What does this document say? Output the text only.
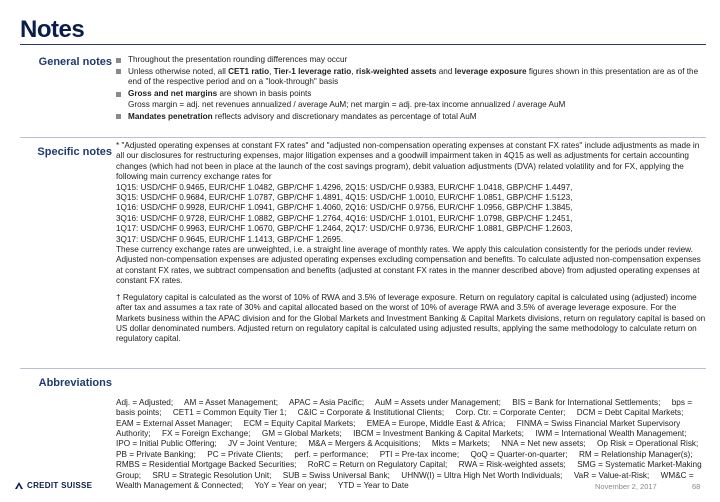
Notes
General notes	Throughout the presentation rounding differences may occur
Unless otherwise noted, all CET1 ratio, Tier-1 leverage ratio, risk-weighted assets and leverage exposure figures shown in this presentation are as of the end of the respective period and on a "look-through" basis
Gross and net margins are shown in basis points
Gross margin = adj. net revenues annualized / average AuM; net margin = adj. pre-tax income annualized / average AuM
Mandates penetration reflects advisory and discretionary mandates as percentage of total AuM
Specific notes
* "Adjusted operating expenses at constant FX rates" and "adjusted non-compensation operating expenses at constant FX rates" include adjustments as made in all our disclosures for restructuring expenses, major litigation expenses and a goodwill impairment taken in 4Q15 as well as adjustments for certain accounting changes (which had not been in place at the launch of the cost savings program), debit valuation adjustments (DVA) related volatility and for FX, applying the following main currency exchange rates for
1Q15: USD/CHF 0.9465, EUR/CHF 1.0482, GBP/CHF 1.4296, 2Q15: USD/CHF 0.9383, EUR/CHF 1.0418, GBP/CHF 1.4497,
3Q15: USD/CHF 0.9684, EUR/CHF 1.0787, GBP/CHF 1.4891, 4Q15: USD/CHF 1.0010, EUR/CHF 1.0851, GBP/CHF 1.5123,
1Q16: USD/CHF 0.9928, EUR/CHF 1.0941, GBP/CHF 1.4060, 2Q16: USD/CHF 0.9756, EUR/CHF 1.0956, GBP/CHF 1.3845,
3Q16: USD/CHF 0.9728, EUR/CHF 1.0882, GBP/CHF 1.2764, 4Q16: USD/CHF 1.0101, EUR/CHF 1.0798, GBP/CHF 1.2451,
1Q17: USD/CHF 0.9963, EUR/CHF 1.0670, GBP/CHF 1.2464, 2Q17: USD/CHF 0.9736, EUR/CHF 1.0881, GBP/CHF 1.2603,
3Q17: USD/CHF 0.9645, EUR/CHF 1.1413, GBP/CHF 1.2695.
These currency exchange rates are unweighted, i.e. a straight line average of monthly rates. We apply this calculation consistently for the periods under review. Adjusted non-compensation expenses are adjusted operating expenses excluding compensation and benefits. To calculate adjusted non-compensation expenses at constant FX rates, we subtract compensation and benefits (adjusted at constant FX rates in the manner described above) from adjusted operating expenses at constant FX rates.

† Regulatory capital is calculated as the worst of 10% of RWA and 3.5% of leverage exposure. Return on regulatory capital is calculated using (adjusted) income after tax and assumes a tax rate of 30% and capital allocated based on the worst of 10% of average RWA and 3.5% of average leverage exposure. For the Markets business within the APAC division and for the Global Markets and Investment Banking & Capital Markets divisions, return on regulatory capital is based on US dollar denominated numbers. Adjusted return on regulatory capital is calculated using adjusted results, applying the same methodology to calculate return on regulatory capital.

Abbreviations

Adj. = Adjusted;     AM = Asset Management;     APAC = Asia Pacific;     AuM = Assets under Management;     BIS = Bank for International Settlements;     bps = basis points;     CET1 = Common Equity Tier 1;     C&IC = Corporate & Institutional Clients;     Corp. Ctr. = Corporate Center;     DCM = Debt Capital Markets;     EAM = External Asset Manager;     ECM = Equity Capital Markets;     EMEA = Europe, Middle East & Africa;     FINMA = Swiss Financial Market Supervisory Authority;     FX = Foreign Exchange;     GM = Global Markets;     IBCM = Investment Banking & Capital Markets;     IWM = International Wealth Management;     IPO = Initial Public Offering;     JV = Joint Venture;     M&A = Mergers & Acquisitions;     Mkts = Markets;     NNA = Net new assets;     Op Risk = Operational Risk;     PB = Private Banking;     PC = Private Clients;     perf. = performance;     PTI = Pre-tax income;     QoQ = Quarter-on-quarter;     RM = Relationship Manager(s);     RMBS = Residential Mortgage Backed Securities;     RoRC = Return on Regulatory Capital;     RWA = Risk-weighted assets;     SMG = Systematic Market-Making Group;     SRU = Strategic Resolution Unit;     SUB = Swiss Universal Bank;     UHNW(I) = Ultra High Net Worth Individuals;     VaR = Value-at-Risk;     WM&C = Wealth Management & Connected;     YoY = Year on year;     YTD = Year to Date

CREDIT SUISSE	November 2, 2017	68
